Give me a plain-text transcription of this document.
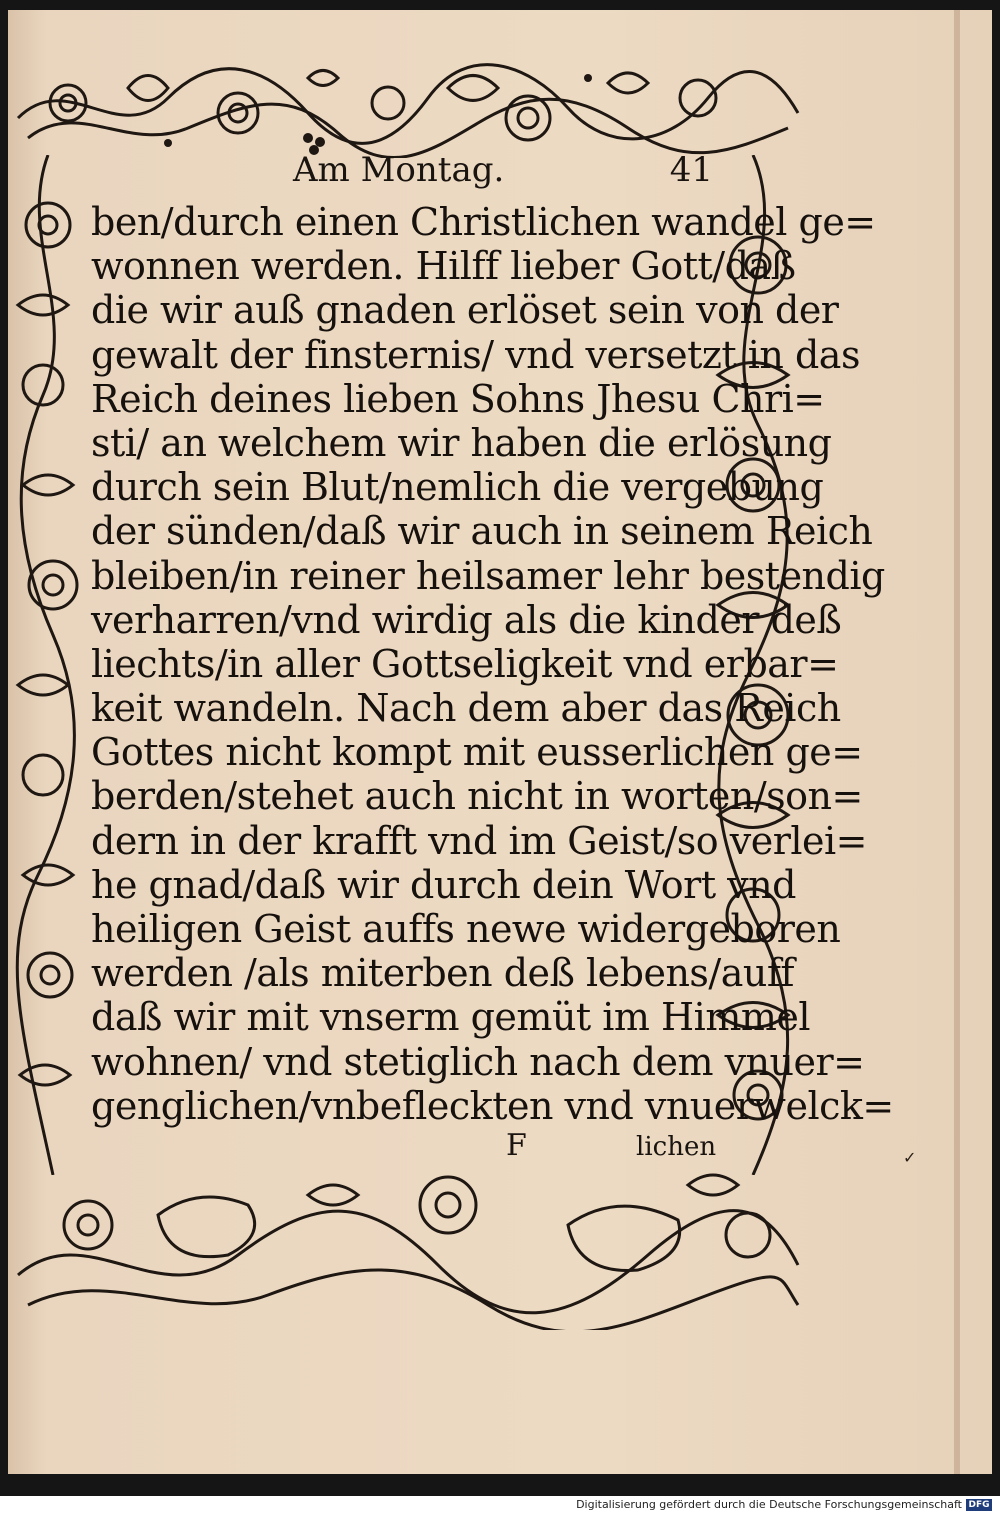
Am Montag.	41
ben/durch einen Christlichen wandel ge=
wonnen werden. Hilff lieber Gott/daß
die wir auß gnaden erlöset sein von der
gewalt der finsternis/ vnd versetzt in das
Reich deines lieben Sohns Jhesu Chri=
sti/ an welchem wir haben die erlösung
durch sein Blut/nemlich die vergebung
der sünden/daß wir auch in seinem Reich
bleiben/in reiner heilsamer lehr bestendig
verharren/vnd wirdig als die kinder deß
liechts/in aller Gottseligkeit vnd erbar=
keit wandeln. Nach dem aber das Reich
Gottes nicht kompt mit eusserlichen ge=
berden/stehet auch nicht in worten/son=
dern in der krafft vnd im Geist/so verlei=
he gnad/daß wir durch dein Wort vnd
heiligen Geist auffs newe widergeboren
werden /als miterben deß lebens/auff
daß wir mit vnserm gemüt im Himmel
wohnen/ vnd stetiglich nach dem vnuer=
genglichen/vnbefleckten vnd vnuerwelck=
F	lichen	✓
Digitalisierung gefördert durch die Deutsche Forschungsgemeinschaft DFG
